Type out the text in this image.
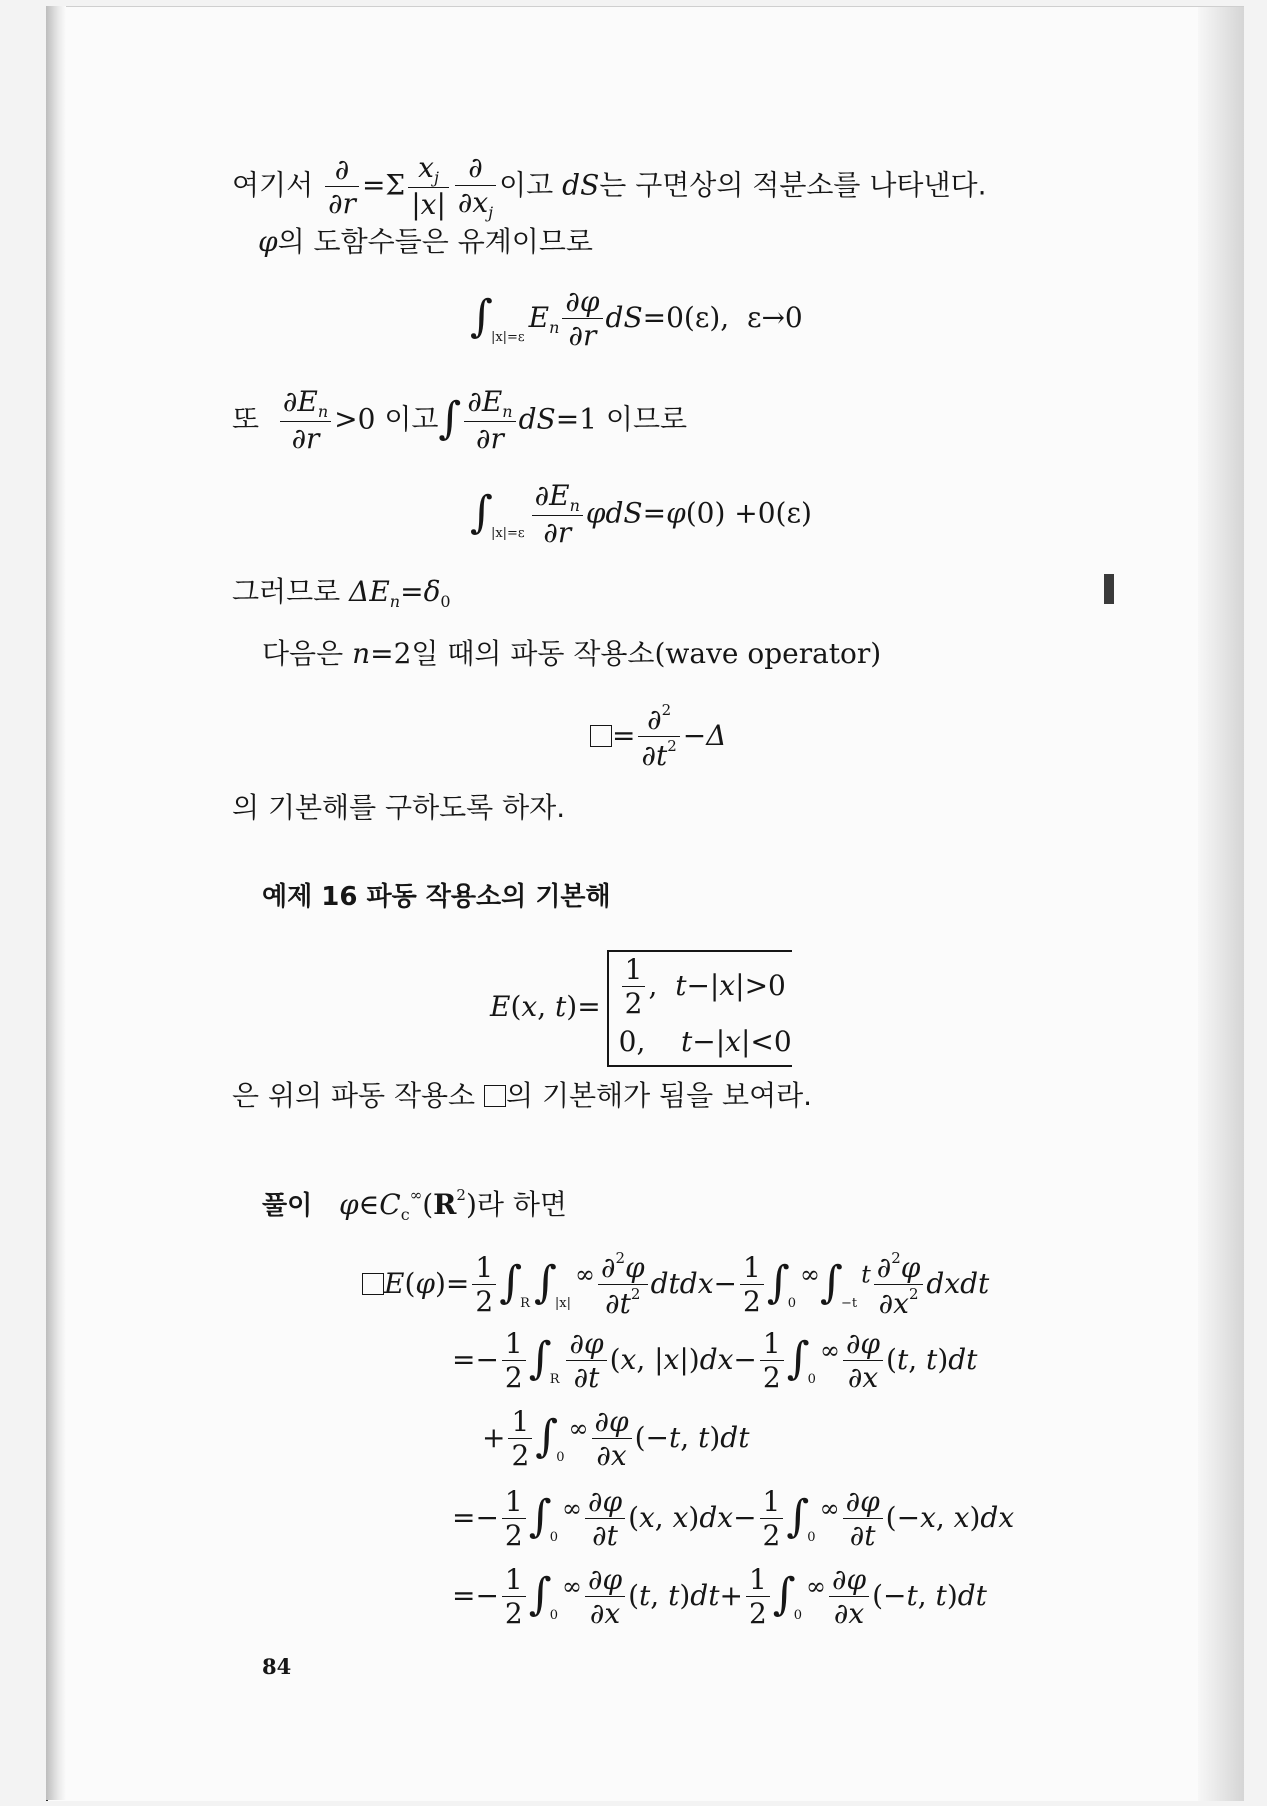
여기서 $\frac{\partial}{\partial r} =\Sigma \frac{x_j}{|x|} \frac{\partial}{\partial x_j}$ 이고 dS는 구면상의 적분소를 나타낸다.
φ의 도함수들은 유계이므로
$\int_{|x|=\varepsilon}E_n \frac{\partial\varphi}{\partial r} dS=0(\varepsilon)$,  ε→0
또 $\frac{\partial E_n}{\partial r} >0$ 이고∫ $\frac{\partial E_n}{\partial r} dS=1$ 이므로
$\int_{|x|=\varepsilon} \frac{\partial E_n}{\partial r} \varphi dS=\varphi(0) +0(\varepsilon)$
그러므로 $\Delta E_n=\delta_0$
다음은 n=2일 때의 파동 작용소(wave operator)
= $\frac{\partial^2}{\partial t^2} -\Delta$
의 기본해를 구하도록 하자.
예제 16 파동 작용소의 기본해
E(x, $t)= \frac{1}{2}$ ,  t−|x|>0
0,    t−|x|<0
은 위의 파동 작용소 의 기본해가 됨을 보여라.
풀이 $\varphi\in C_c^\infty(R^2)$라 하면
$E(\varphi)= \frac{1}{2} \int_R\int_{|x|}^\infty \frac{\partial^2\varphi}{\partial t^2}$ dtdx− $\frac{1}{2} \int_0^\infty\int_{-t}^t \frac{\partial^2\varphi}{\partial x^2}$ dxdt
=− $\frac{1}{2} \int_R \frac{\partial\varphi}{\partial t} (x$, $|x|)dx- \frac{1}{2} \int_0^\infty \frac{\partial\varphi}{\partial x} (t$, t)dt
+ $\frac{1}{2} \int_0^\infty \frac{\partial\varphi}{\partial x} (-t$, t)dt
=− $\frac{1}{2} \int_0^\infty \frac{\partial\varphi}{\partial t} (x$, $x)dx- \frac{1}{2} \int_0^\infty \frac{\partial\varphi}{\partial t} (-x$, x)dx
=− $\frac{1}{2} \int_0^\infty \frac{\partial\varphi}{\partial x} (t$, $t)dt+ \frac{1}{2} \int_0^\infty \frac{\partial\varphi}{\partial x} (-t$, t)dt
84
